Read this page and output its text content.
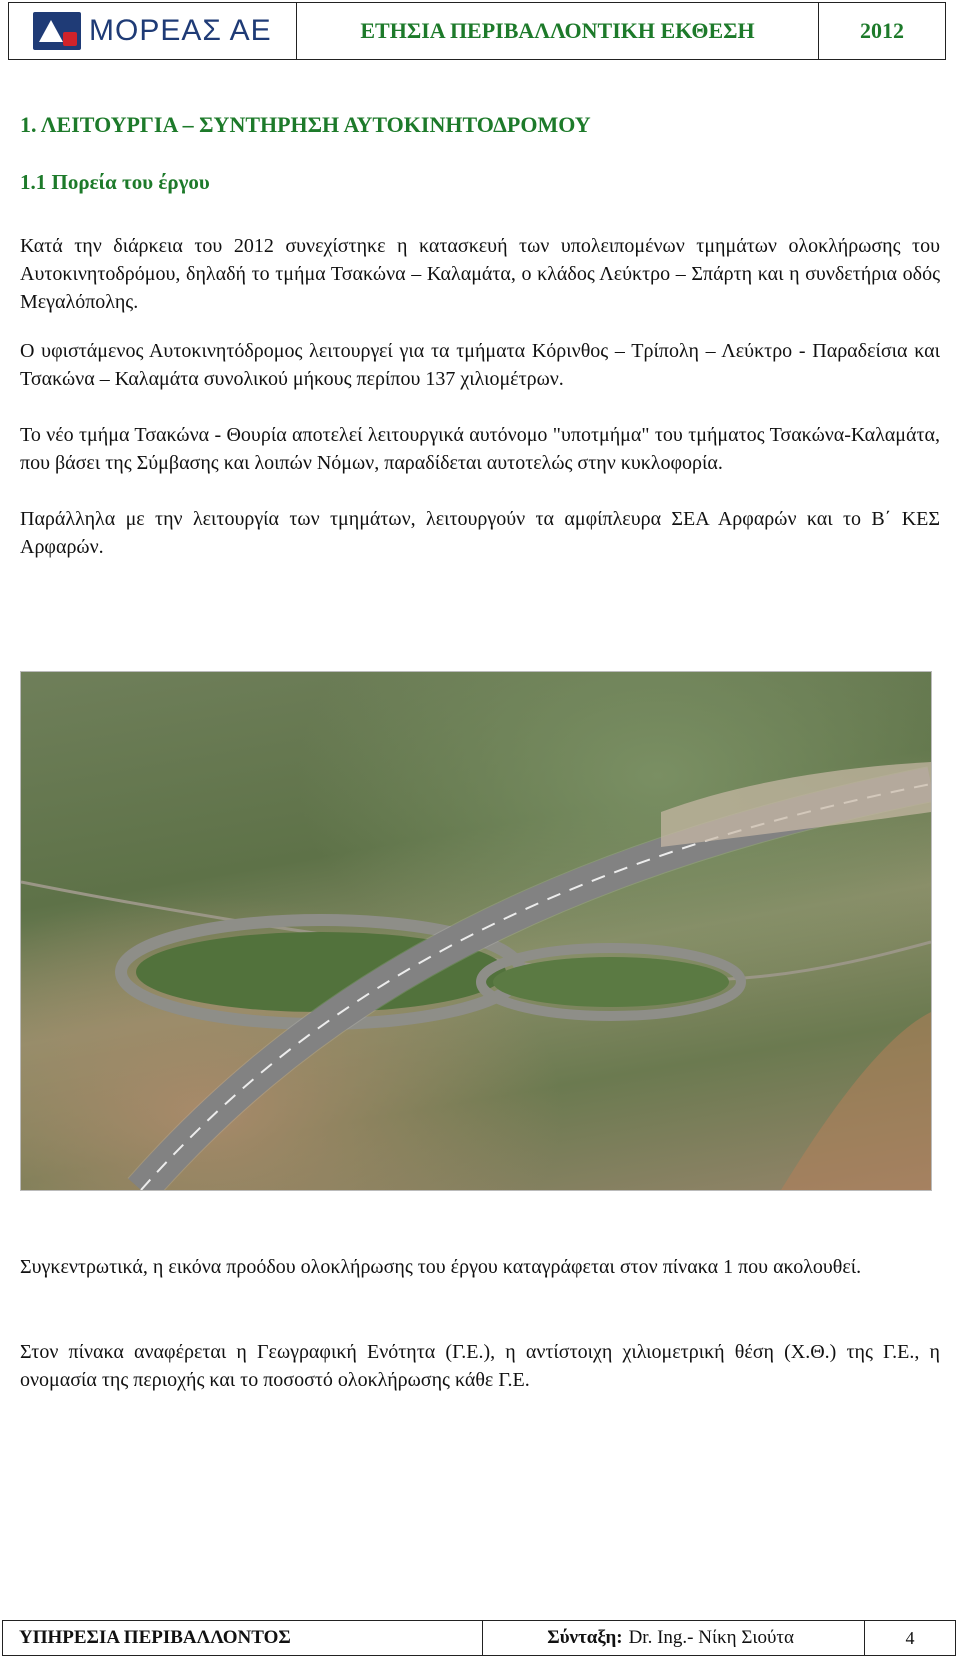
ΜΟΡΕΑΣ ΑΕ	ΕΤΗΣΙΑ ΠΕΡΙΒΑΛΛΟΝΤΙΚΗ ΕΚΘΕΣΗ	2012
1. ΛΕΙΤΟΥΡΓΙΑ – ΣΥΝΤΗΡΗΣΗ ΑΥΤΟΚΙΝΗΤΟΔΡΟΜΟΥ
1.1 Πορεία του έργου
Κατά την διάρκεια του 2012 συνεχίστηκε η κατασκευή των υπολειπομένων τμημάτων ολοκλήρωσης του Αυτοκινητοδρόμου, δηλαδή το τμήμα Τσακώνα – Καλαμάτα, ο κλάδος Λεύκτρο – Σπάρτη και η συνδετήρια οδός Μεγαλόπολης.
Ο υφιστάμενος Αυτοκινητόδρομος λειτουργεί για τα τμήματα Κόρινθος – Τρίπολη – Λεύκτρο - Παραδείσια και Τσακώνα – Καλαμάτα συνολικού μήκους περίπου 137 χιλιομέτρων.
Το νέο τμήμα Τσακώνα - Θουρία αποτελεί λειτουργικά αυτόνομο "υποτμήμα" του τμήματος Τσακώνα-Καλαμάτα, που βάσει της Σύμβασης και λοιπών Νόμων, παραδίδεται αυτοτελώς στην κυκλοφορία.
Παράλληλα με την λειτουργία των τμημάτων, λειτουργούν τα αμφίπλευρα ΣΕΑ Αρφαρών και το Β΄ ΚΕΣ Αρφαρών.
Συγκεντρωτικά, η εικόνα προόδου ολοκλήρωσης του έργου καταγράφεται στον πίνακα 1 που ακολουθεί.
Στον πίνακα αναφέρεται η Γεωγραφική Ενότητα (Γ.Ε.), η αντίστοιχη χιλιομετρική θέση (Χ.Θ.) της Γ.Ε., η ονομασία της περιοχής και το ποσοστό ολοκλήρωσης κάθε Γ.Ε.
ΥΠΗΡΕΣΙΑ ΠΕΡΙΒΑΛΛΟΝΤΟΣ	Σύνταξη: Dr. Ing.- Νίκη Σιούτα	4
